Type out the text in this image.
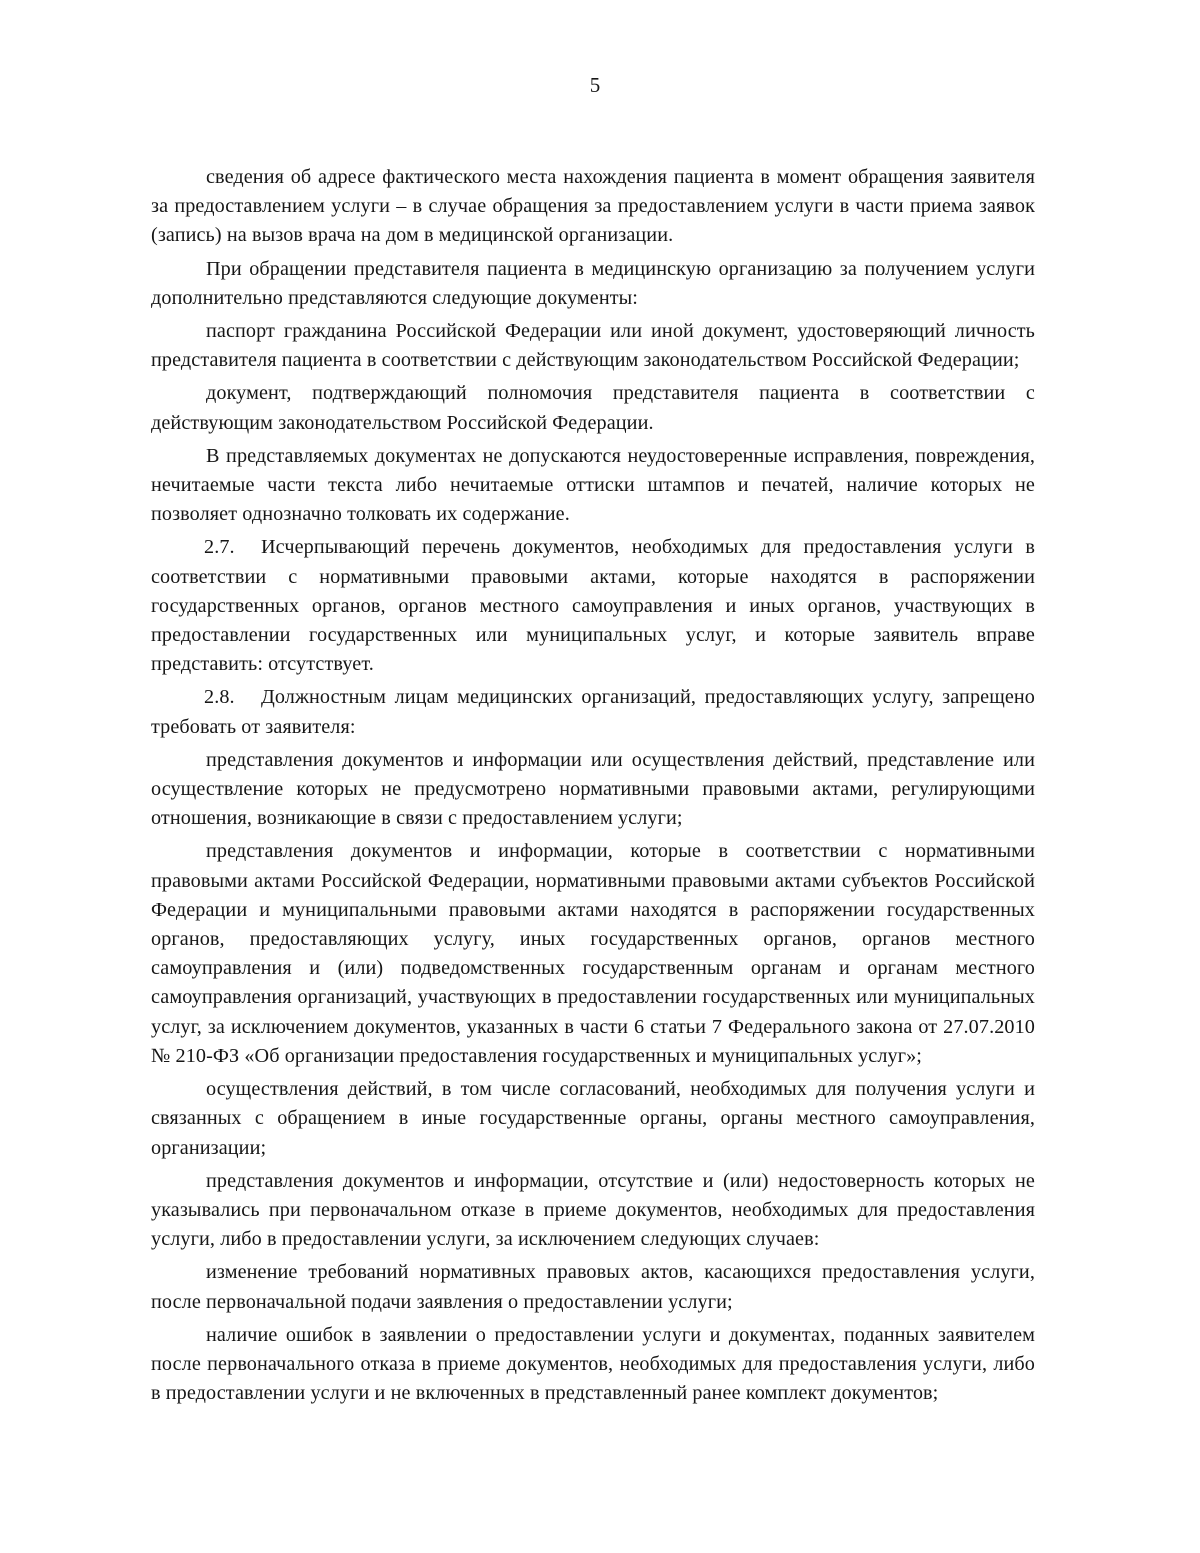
5

сведения об адресе фактического места нахождения пациента в момент обращения заявителя за предоставлением услуги – в случае обращения за предоставлением услуги в части приема заявок (запись) на вызов врача на дом в медицинской организации.

При обращении представителя пациента в медицинскую организацию за получением услуги дополнительно представляются следующие документы:

паспорт гражданина Российской Федерации или иной документ, удостоверяющий личность представителя пациента в соответствии с действующим законодательством Российской Федерации;

документ, подтверждающий полномочия представителя пациента в соответствии с действующим законодательством Российской Федерации.

В представляемых документах не допускаются неудостоверенные исправления, повреждения, нечитаемые части текста либо нечитаемые оттиски штампов и печатей, наличие которых не позволяет однозначно толковать их содержание.

2.7. Исчерпывающий перечень документов, необходимых для предоставления услуги в соответствии с нормативными правовыми актами, которые находятся в распоряжении государственных органов, органов местного самоуправления и иных органов, участвующих в предоставлении государственных или муниципальных услуг, и которые заявитель вправе представить: отсутствует.

2.8. Должностным лицам медицинских организаций, предоставляющих услугу, запрещено требовать от заявителя:

представления документов и информации или осуществления действий, представление или осуществление которых не предусмотрено нормативными правовыми актами, регулирующими отношения, возникающие в связи с предоставлением услуги;

представления документов и информации, которые в соответствии с нормативными правовыми актами Российской Федерации, нормативными правовыми актами субъектов Российской Федерации и муниципальными правовыми актами находятся в распоряжении государственных органов, предоставляющих услугу, иных государственных органов, органов местного самоуправления и (или) подведомственных государственным органам и органам местного самоуправления организаций, участвующих в предоставлении государственных или муниципальных услуг, за исключением документов, указанных в части 6 статьи 7 Федерального закона от 27.07.2010 № 210-ФЗ «Об организации предоставления государственных и муниципальных услуг»;

осуществления действий, в том числе согласований, необходимых для получения услуги и связанных с обращением в иные государственные органы, органы местного самоуправления, организации;

представления документов и информации, отсутствие и (или) недостоверность которых не указывались при первоначальном отказе в приеме документов, необходимых для предоставления услуги, либо в предоставлении услуги, за исключением следующих случаев:

изменение требований нормативных правовых актов, касающихся предоставления услуги, после первоначальной подачи заявления о предоставлении услуги;

наличие ошибок в заявлении о предоставлении услуги и документах, поданных заявителем после первоначального отказа в приеме документов, необходимых для предоставления услуги, либо в предоставлении услуги и не включенных в представленный ранее комплект документов;
